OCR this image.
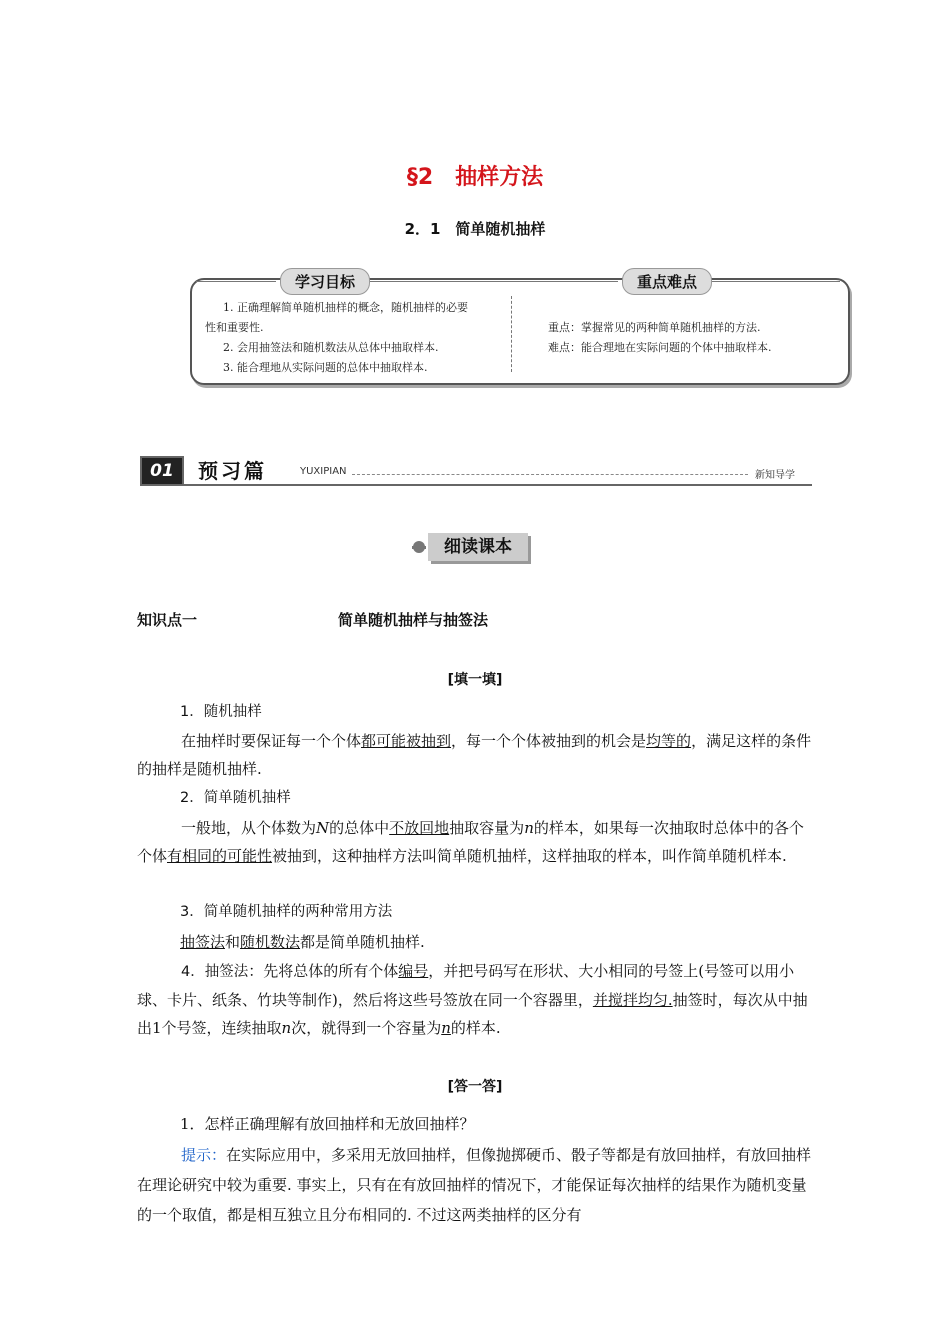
§2　抽样方法
2．1　简单随机抽样
学习目标	重点难点
1. 正确理解简单随机抽样的概念，随机抽样的必要
性和重要性.
2. 会用抽签法和随机数法从总体中抽取样本.
3. 能合理地从实际问题的总体中抽取样本.
重点：掌握常见的两种简单随机抽样的方法.
难点：能合理地在实际问题的个体中抽取样本.
01	预习篇	YUXIPIAN	新知导学
细读课本
知识点一	简单随机抽样与抽签法
[填一填]
1．随机抽样
在抽样时要保证每一个个体都可能被抽到，每一个个体被抽到的机会是均等的，满足这样的条件的抽样是随机抽样.
2．简单随机抽样
一般地，从个体数为N的总体中不放回地抽取容量为n的样本，如果每一次抽取时总体中的各个个体有相同的可能性被抽到，这种抽样方法叫简单随机抽样，这样抽取的样本，叫作简单随机样本.
3．简单随机抽样的两种常用方法
抽签法和随机数法都是简单随机抽样.
4．抽签法：先将总体的所有个体编号，并把号码写在形状、大小相同的号签上(号签可以用小球、卡片、纸条、竹块等制作)，然后将这些号签放在同一个容器里，并搅拌均匀.抽签时，每次从中抽出1个号签，连续抽取n次，就得到一个容量为n的样本.
[答一答]
1．怎样正确理解有放回抽样和无放回抽样？
提示：在实际应用中，多采用无放回抽样，但像抛掷硬币、骰子等都是有放回抽样，有放回抽样在理论研究中较为重要. 事实上，只有在有放回抽样的情况下，才能保证每次抽样的结果作为随机变量的一个取值，都是相互独立且分布相同的. 不过这两类抽样的区分有
